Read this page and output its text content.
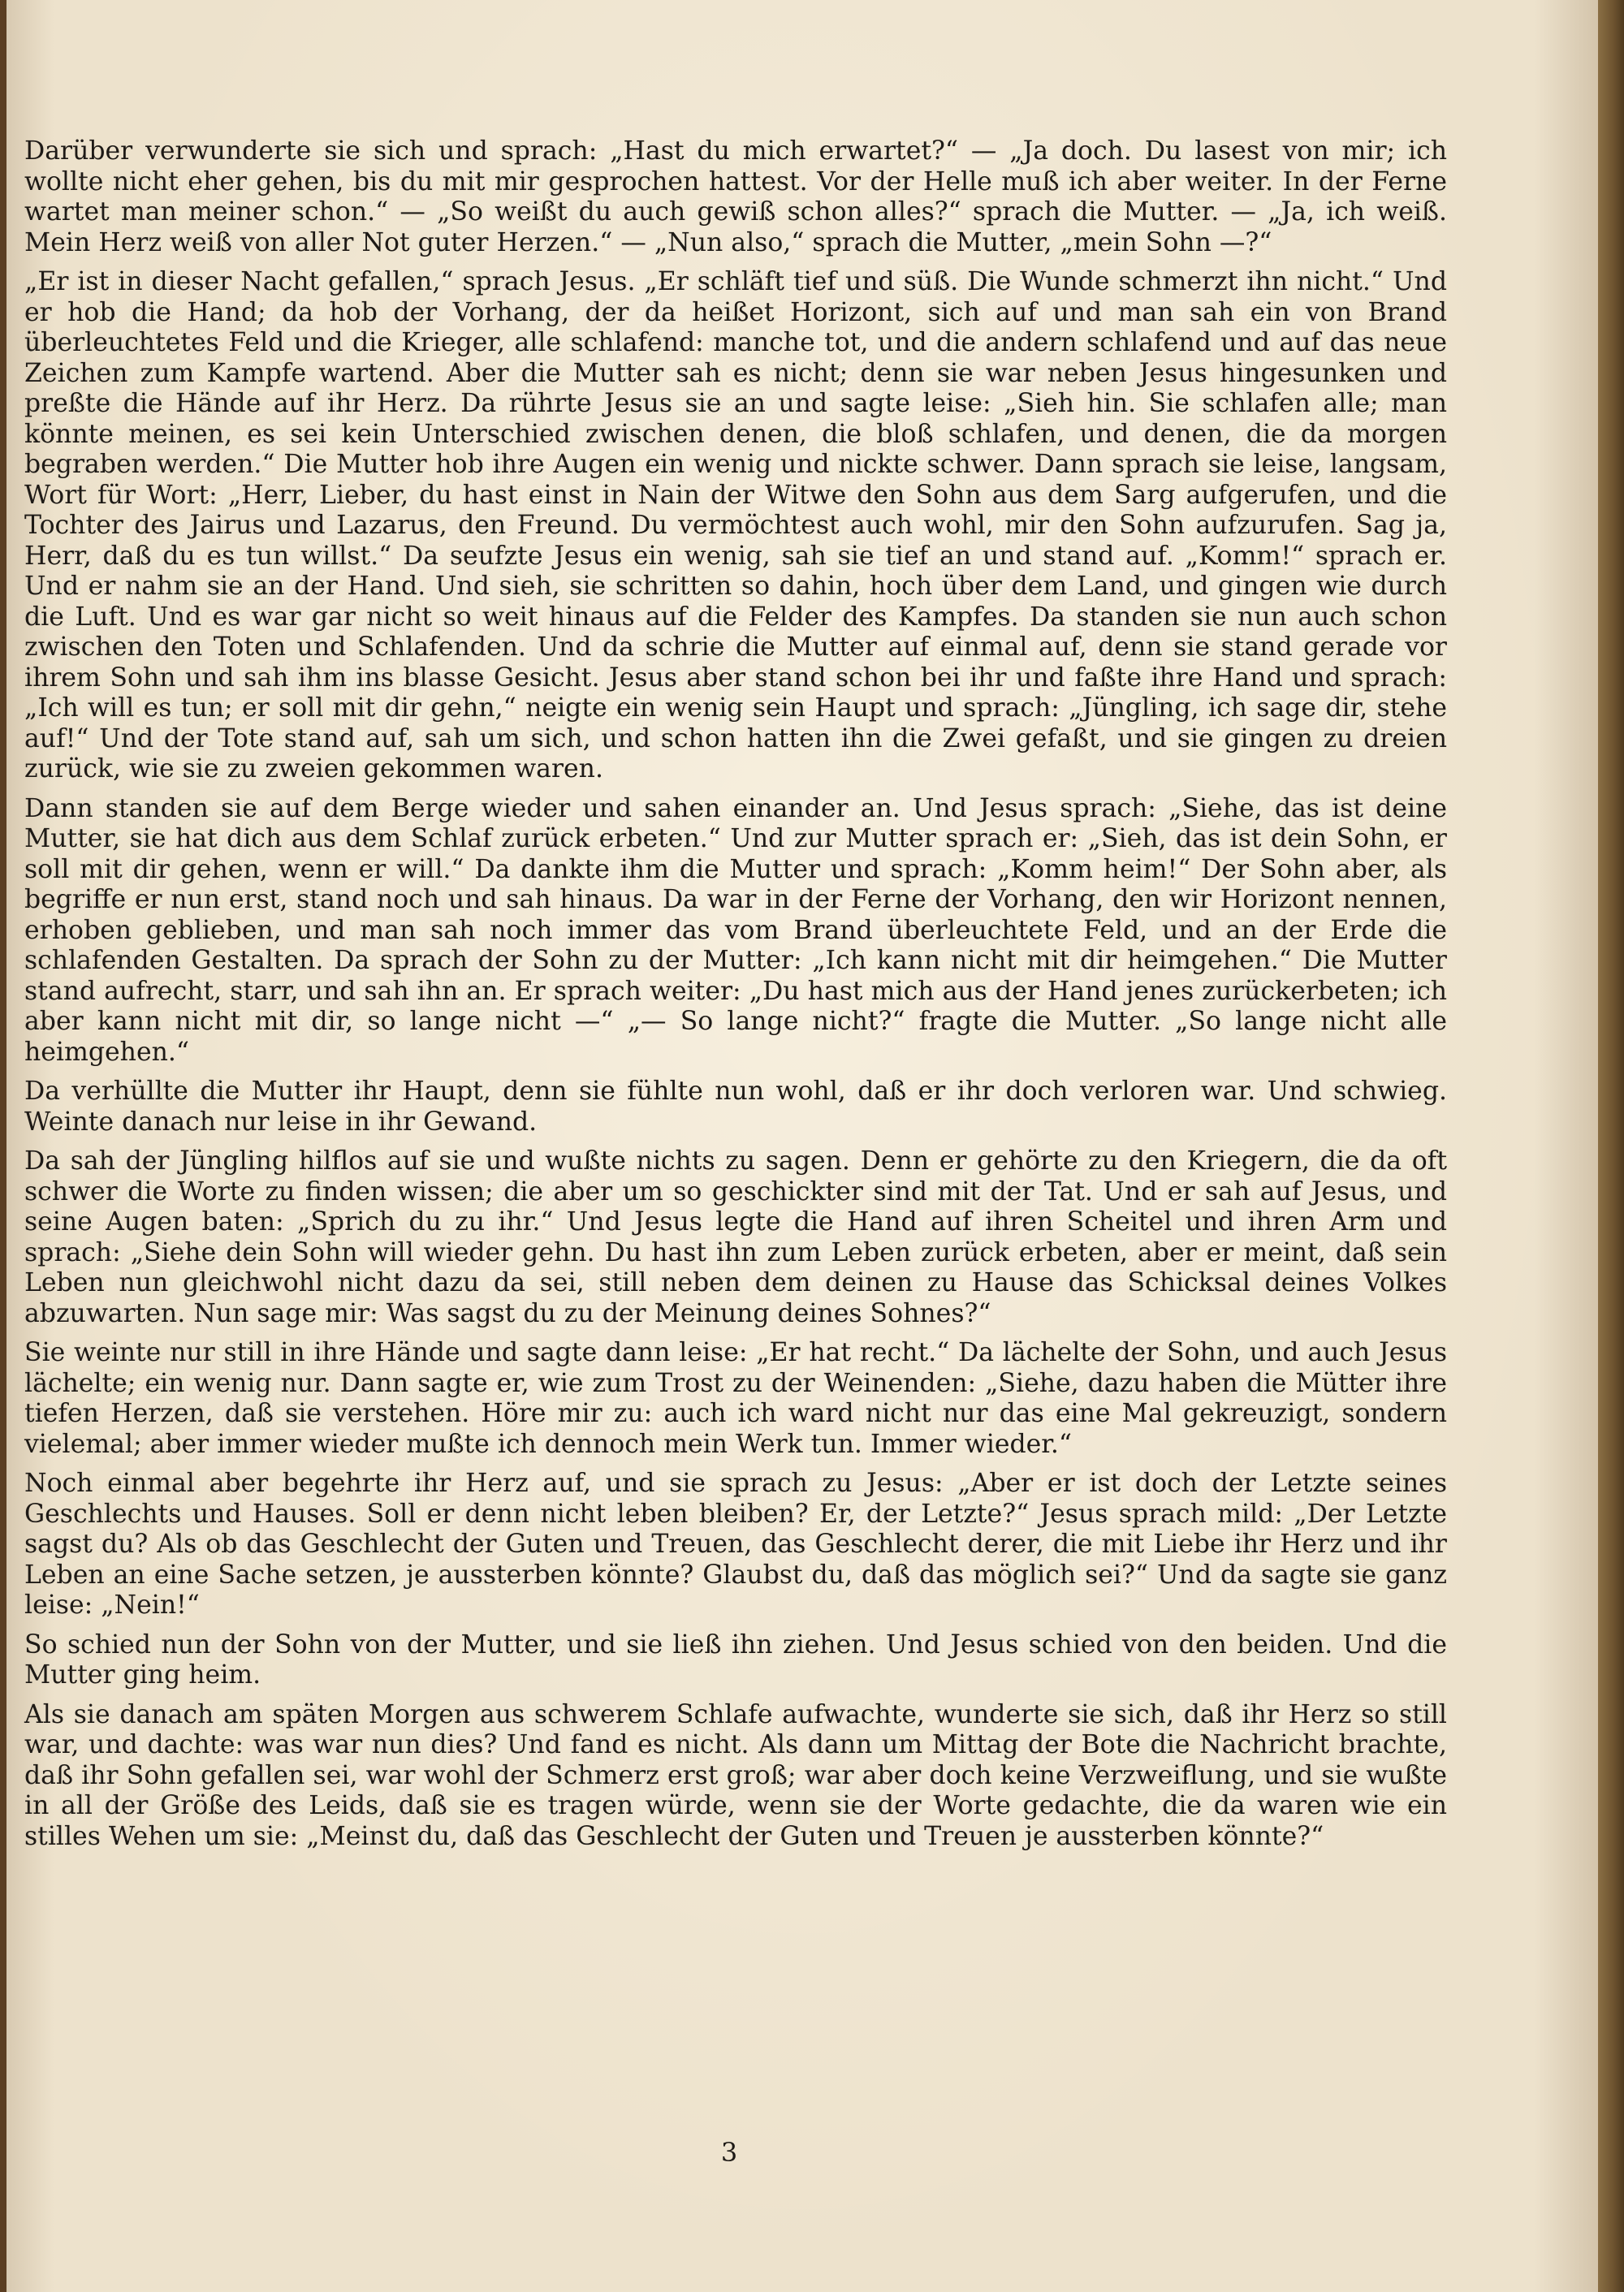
Darüber verwunderte sie sich und sprach: „Hast du mich erwartet?“ — „Ja doch. Du lasest von mir; ich wollte nicht eher gehen, bis du mit mir gesprochen hattest. Vor der Helle muß ich aber weiter. In der Ferne wartet man meiner schon.“ — „So weißt du auch gewiß schon alles?“ sprach die Mutter. — „Ja, ich weiß. Mein Herz weiß von aller Not guter Herzen.“ — „Nun also,“ sprach die Mutter, „mein Sohn —?“

„Er ist in dieser Nacht gefallen,“ sprach Jesus. „Er schläft tief und süß. Die Wunde schmerzt ihn nicht.“ Und er hob die Hand; da hob der Vorhang, der da heißet Horizont, sich auf und man sah ein von Brand überleuchtetes Feld und die Krieger, alle schlafend: manche tot, und die andern schlafend und auf das neue Zeichen zum Kampfe wartend. Aber die Mutter sah es nicht; denn sie war neben Jesus hingesunken und preßte die Hände auf ihr Herz. Da rührte Jesus sie an und sagte leise: „Sieh hin. Sie schlafen alle; man könnte meinen, es sei kein Unterschied zwischen denen, die bloß schlafen, und denen, die da morgen begraben werden.“ Die Mutter hob ihre Augen ein wenig und nickte schwer. Dann sprach sie leise, langsam, Wort für Wort: „Herr, Lieber, du hast einst in Nain der Witwe den Sohn aus dem Sarg aufgerufen, und die Tochter des Jairus und Lazarus, den Freund. Du vermöchtest auch wohl, mir den Sohn aufzurufen. Sag ja, Herr, daß du es tun willst.“ Da seufzte Jesus ein wenig, sah sie tief an und stand auf. „Komm!“ sprach er. Und er nahm sie an der Hand. Und sieh, sie schritten so dahin, hoch über dem Land, und gingen wie durch die Luft. Und es war gar nicht so weit hinaus auf die Felder des Kampfes. Da standen sie nun auch schon zwischen den Toten und Schlafenden. Und da schrie die Mutter auf einmal auf, denn sie stand gerade vor ihrem Sohn und sah ihm ins blasse Gesicht. Jesus aber stand schon bei ihr und faßte ihre Hand und sprach: „Ich will es tun; er soll mit dir gehn,“ neigte ein wenig sein Haupt und sprach: „Jüngling, ich sage dir, stehe auf!“ Und der Tote stand auf, sah um sich, und schon hatten ihn die Zwei gefaßt, und sie gingen zu dreien zurück, wie sie zu zweien gekommen waren.

Dann standen sie auf dem Berge wieder und sahen einander an. Und Jesus sprach: „Siehe, das ist deine Mutter, sie hat dich aus dem Schlaf zurück erbeten.“ Und zur Mutter sprach er: „Sieh, das ist dein Sohn, er soll mit dir gehen, wenn er will.“ Da dankte ihm die Mutter und sprach: „Komm heim!“ Der Sohn aber, als begriffe er nun erst, stand noch und sah hinaus. Da war in der Ferne der Vorhang, den wir Horizont nennen, erhoben geblieben, und man sah noch immer das vom Brand überleuchtete Feld, und an der Erde die schlafenden Gestalten. Da sprach der Sohn zu der Mutter: „Ich kann nicht mit dir heimgehen.“ Die Mutter stand aufrecht, starr, und sah ihn an. Er sprach weiter: „Du hast mich aus der Hand jenes zurückerbeten; ich aber kann nicht mit dir, so lange nicht —“ „— So lange nicht?“ fragte die Mutter. „So lange nicht alle heimgehen.“

Da verhüllte die Mutter ihr Haupt, denn sie fühlte nun wohl, daß er ihr doch verloren war. Und schwieg. Weinte danach nur leise in ihr Gewand.

Da sah der Jüngling hilflos auf sie und wußte nichts zu sagen. Denn er gehörte zu den Kriegern, die da oft schwer die Worte zu finden wissen; die aber um so geschickter sind mit der Tat. Und er sah auf Jesus, und seine Augen baten: „Sprich du zu ihr.“ Und Jesus legte die Hand auf ihren Scheitel und ihren Arm und sprach: „Siehe dein Sohn will wieder gehn. Du hast ihn zum Leben zurück erbeten, aber er meint, daß sein Leben nun gleichwohl nicht dazu da sei, still neben dem deinen zu Hause das Schicksal deines Volkes abzuwarten. Nun sage mir: Was sagst du zu der Meinung deines Sohnes?“

Sie weinte nur still in ihre Hände und sagte dann leise: „Er hat recht.“ Da lächelte der Sohn, und auch Jesus lächelte; ein wenig nur. Dann sagte er, wie zum Trost zu der Weinenden: „Siehe, dazu haben die Mütter ihre tiefen Herzen, daß sie verstehen. Höre mir zu: auch ich ward nicht nur das eine Mal gekreuzigt, sondern vielemal; aber immer wieder mußte ich dennoch mein Werk tun. Immer wieder.“

Noch einmal aber begehrte ihr Herz auf, und sie sprach zu Jesus: „Aber er ist doch der Letzte seines Geschlechts und Hauses. Soll er denn nicht leben bleiben? Er, der Letzte?“ Jesus sprach mild: „Der Letzte sagst du? Als ob das Geschlecht der Guten und Treuen, das Geschlecht derer, die mit Liebe ihr Herz und ihr Leben an eine Sache setzen, je aussterben könnte? Glaubst du, daß das möglich sei?“ Und da sagte sie ganz leise: „Nein!“

So schied nun der Sohn von der Mutter, und sie ließ ihn ziehen. Und Jesus schied von den beiden. Und die Mutter ging heim.

Als sie danach am späten Morgen aus schwerem Schlafe aufwachte, wunderte sie sich, daß ihr Herz so still war, und dachte: was war nun dies? Und fand es nicht. Als dann um Mittag der Bote die Nachricht brachte, daß ihr Sohn gefallen sei, war wohl der Schmerz erst groß; war aber doch keine Verzweiflung, und sie wußte in all der Größe des Leids, daß sie es tragen würde, wenn sie der Worte gedachte, die da waren wie ein stilles Wehen um sie: „Meinst du, daß das Geschlecht der Guten und Treuen je aussterben könnte?“

3
